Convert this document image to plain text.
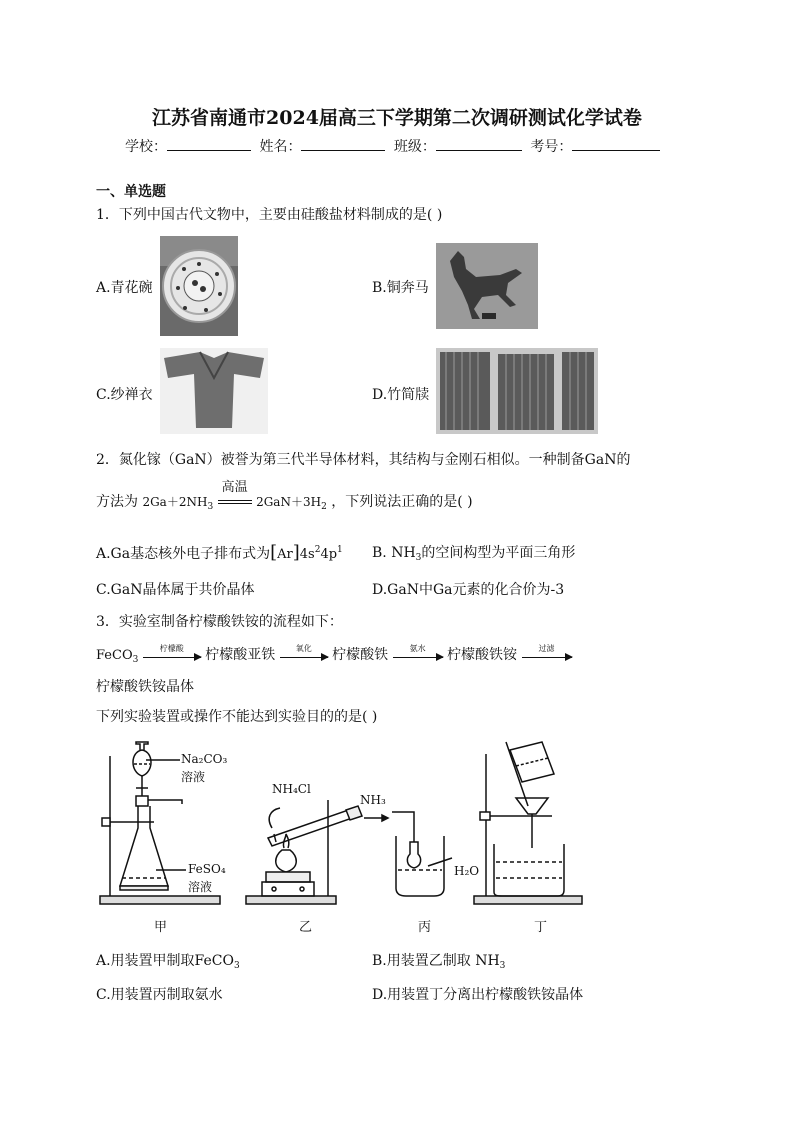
江苏省南通市2024届高三下学期第二次调研测试化学试卷
学校：	姓名：	班级：	考号：
一、单选题
1．下列中国古代文物中，主要由硅酸盐材料制成的是( )
A.青花碗	B.铜奔马
C.纱禅衣	D.竹简牍
2．氮化镓（GaN）被誉为第三代半导体材料，其结构与金刚石相似。一种制备GaN的
方法为 $2Ga+2NH_3$
高温
$2GaN+3H_2$ ，下列说法正确的是( )
A.Ga基态核外电子排布式为$[Ar]4s^24p^1$ B. $NH_3$的空间构型为平面三角形
C.GaN晶体属于共价晶体	D.GaN中Ga元素的化合价为-3
3．实验室制备柠檬酸铁铵的流程如下：
FeCO$_3$
柠檬酸	柠檬酸亚铁	氧化	柠檬酸铁	氨水	柠檬酸铁铵	过滤
柠檬酸铁铵晶体
下列实验装置或操作不能达到实验目的的是( )
Na₂CO₃
溶液
FeSO₄
溶液
NH₄Cl
NH₃
H₂O
甲	乙	丙	丁
A.用装置甲制取FeCO$_3$	B.用装置乙制取 $NH_3$
C.用装置丙制取氨水	D.用装置丁分离出柠檬酸铁铵晶体
